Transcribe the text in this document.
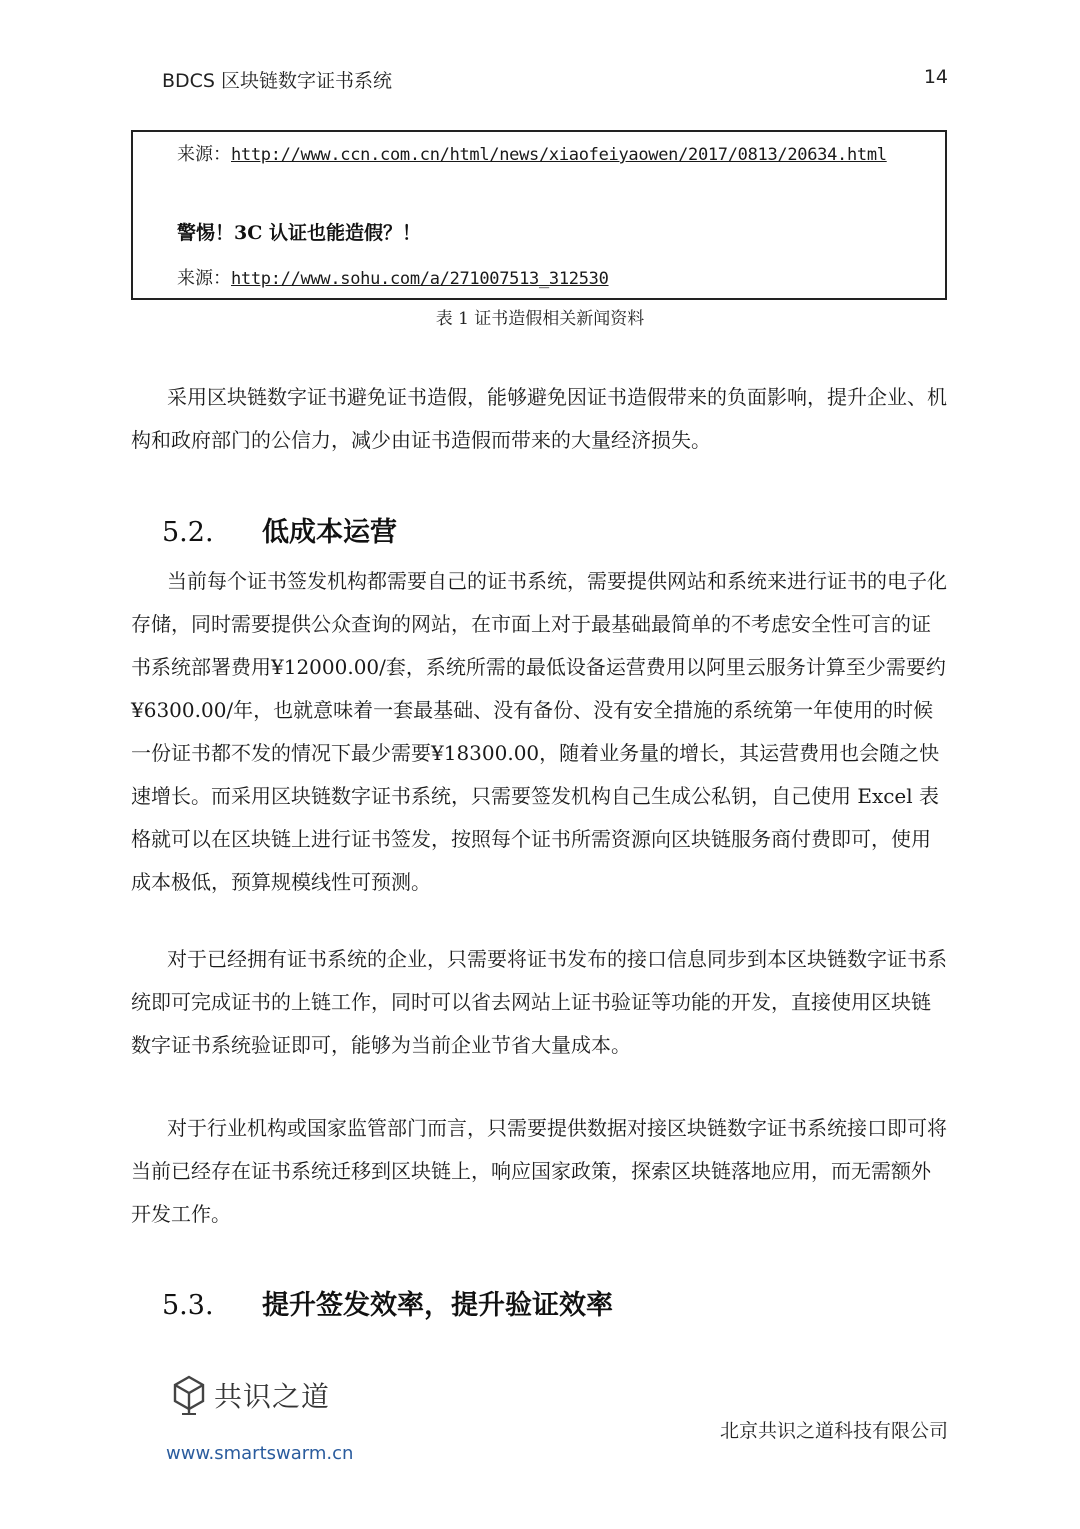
BDCS 区块链数字证书系统	14
来源：http://www.ccn.com.cn/html/news/xiaofeiyaowen/2017/0813/20634.html
警惕！3C 认证也能造假？！
来源：http://www.sohu.com/a/271007513_312530
表 1 证书造假相关新闻资料

采用区块链数字证书避免证书造假，能够避免因证书造假带来的负面影响，提升企业、机构和政府部门的公信力，减少由证书造假而带来的大量经济损失。

5.2. 低成本运营

当前每个证书签发机构都需要自己的证书系统，需要提供网站和系统来进行证书的电子化存储，同时需要提供公众查询的网站，在市面上对于最基础最简单的不考虑安全性可言的证书系统部署费用¥12000.00/套，系统所需的最低设备运营费用以阿里云服务计算至少需要约¥6300.00/年，也就意味着一套最基础、没有备份、没有安全措施的系统第一年使用的时候一份证书都不发的情况下最少需要¥18300.00，随着业务量的增长，其运营费用也会随之快速增长。而采用区块链数字证书系统，只需要签发机构自己生成公私钥，自己使用 Excel 表格就可以在区块链上进行证书签发，按照每个证书所需资源向区块链服务商付费即可，使用成本极低，预算规模线性可预测。

对于已经拥有证书系统的企业，只需要将证书发布的接口信息同步到本区块链数字证书系统即可完成证书的上链工作，同时可以省去网站上证书验证等功能的开发，直接使用区块链数字证书系统验证即可，能够为当前企业节省大量成本。

对于行业机构或国家监管部门而言，只需要提供数据对接区块链数字证书系统接口即可将当前已经存在证书系统迁移到区块链上，响应国家政策，探索区块链落地应用，而无需额外开发工作。

5.3. 提升签发效率，提升验证效率
共识之道
www.smartswarm.cn
北京共识之道科技有限公司
